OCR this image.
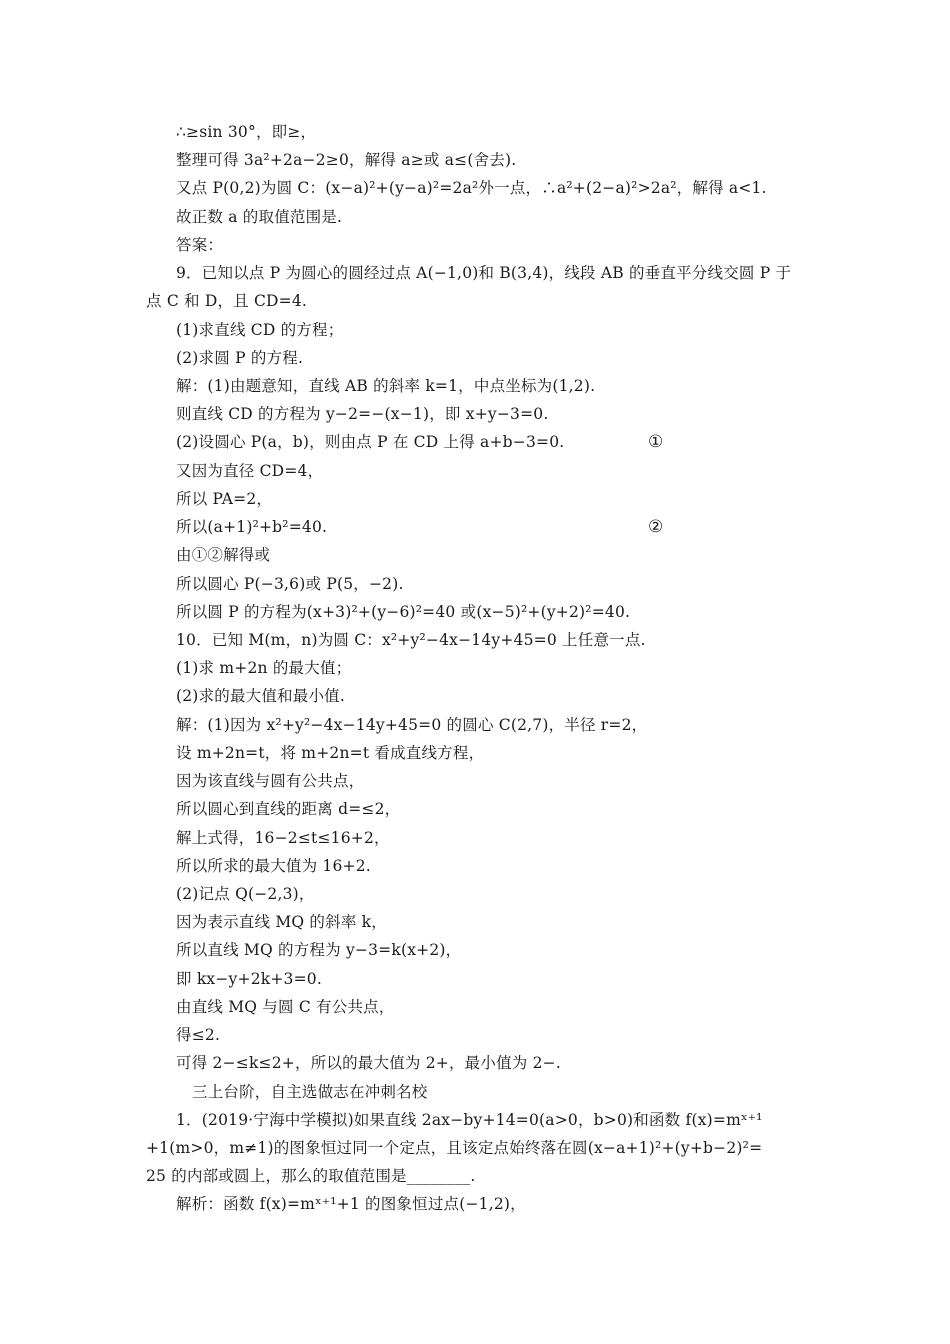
∴≥sin 30°，即≥，
整理可得 3a²+2a−2≥0，解得 a≥或 a≤(舍去).
又点 P(0,2)为圆 C：(x−a)²+(y−a)²=2a²外一点，∴a²+(2−a)²>2a²，解得 a<1.
故正数 a 的取值范围是.
答案：
9．已知以点 P 为圆心的圆经过点 A(−1,0)和 B(3,4)，线段 AB 的垂直平分线交圆 P 于
点 C 和 D，且 CD=4.
(1)求直线 CD 的方程；
(2)求圆 P 的方程.
解：(1)由题意知，直线 AB 的斜率 k=1，中点坐标为(1,2).
则直线 CD 的方程为 y−2=−(x−1)，即 x+y−3=0.
(2)设圆心 P(a，b)，则由点 P 在 CD 上得 a+b−3=0.	①
又因为直径 CD=4，
所以 PA=2，
所以(a+1)²+b²=40.	②
由①②解得或
所以圆心 P(−3,6)或 P(5，−2).
所以圆 P 的方程为(x+3)²+(y−6)²=40 或(x−5)²+(y+2)²=40.
10．已知 M(m，n)为圆 C：x²+y²−4x−14y+45=0 上任意一点.
(1)求 m+2n 的最大值；
(2)求的最大值和最小值.
解：(1)因为 x²+y²−4x−14y+45=0 的圆心 C(2,7)，半径 r=2，
设 m+2n=t，将 m+2n=t 看成直线方程，
因为该直线与圆有公共点，
所以圆心到直线的距离 d=≤2，
解上式得，16−2≤t≤16+2，
所以所求的最大值为 16+2.
(2)记点 Q(−2,3)，
因为表示直线 MQ 的斜率 k，
所以直线 MQ 的方程为 y−3=k(x+2)，
即 kx−y+2k+3=0.
由直线 MQ 与圆 C 有公共点，
得≤2.
可得 2−≤k≤2+，所以的最大值为 2+，最小值为 2−.
三上台阶，自主选做志在冲刺名校
1．(2019·宁海中学模拟)如果直线 2ax−by+14=0(a>0，b>0)和函数 f(x)=mˣ⁺¹
+1(m>0，m≠1)的图象恒过同一个定点，且该定点始终落在圆(x−a+1)²+(y+b−2)²=
25 的内部或圆上，那么的取值范围是________.
解析：函数 f(x)=mˣ⁺¹+1 的图象恒过点(−1,2)，
